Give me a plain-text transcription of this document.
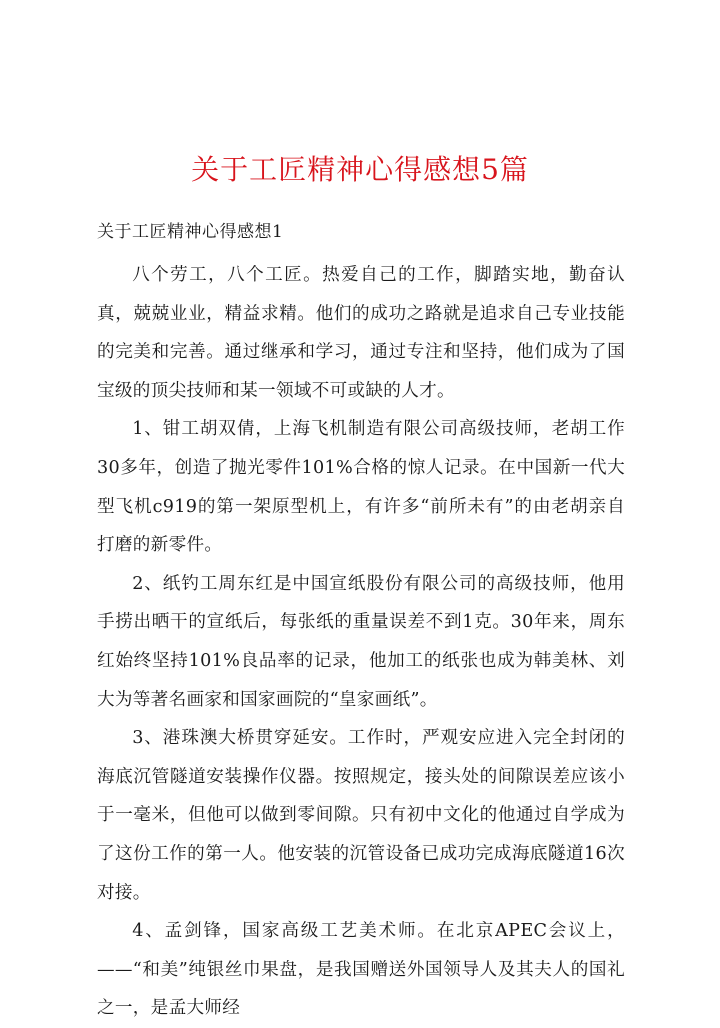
关于工匠精神心得感想5篇
关于工匠精神心得感想1

八个劳工，八个工匠。热爱自己的工作，脚踏实地，勤奋认真，兢兢业业，精益求精。他们的成功之路就是追求自己专业技能的完美和完善。通过继承和学习，通过专注和坚持，他们成为了国宝级的顶尖技师和某一领域不可或缺的人才。

1、钳工胡双倩，上海飞机制造有限公司高级技师，老胡工作30多年，创造了抛光零件101%合格的惊人记录。在中国新一代大型飞机c919的第一架原型机上，有许多“前所未有”的由老胡亲自打磨的新零件。

2、纸钓工周东红是中国宣纸股份有限公司的高级技师，他用手捞出晒干的宣纸后，每张纸的重量误差不到1克。30年来，周东红始终坚持101%良品率的记录，他加工的纸张也成为韩美林、刘大为等著名画家和国家画院的“皇家画纸”。

3、港珠澳大桥贯穿延安。工作时，严观安应进入完全封闭的海底沉管隧道安装操作仪器。按照规定，接头处的间隙误差应该小于一毫米，但他可以做到零间隙。只有初中文化的他通过自学成为了这份工作的第一人。他安装的沉管设备已成功完成海底隧道16次对接。

4、孟剑锋，国家高级工艺美术师。在北京APEC会议上，——“和美”纯银丝巾果盘，是我国赠送外国领导人及其夫人的国礼之一，是孟大师经
